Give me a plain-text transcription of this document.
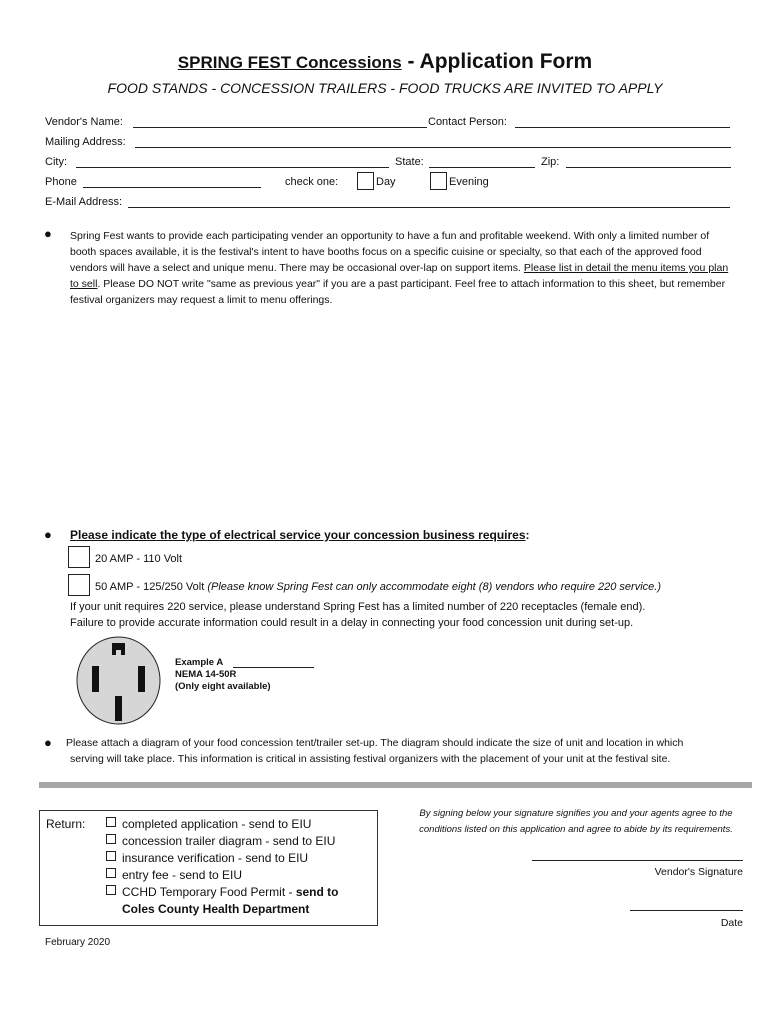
SPRING FEST Concessions - Application Form
FOOD STANDS - CONCESSION TRAILERS - FOOD TRUCKS ARE INVITED TO APPLY
Vendor's Name:	Contact Person:
Mailing Address:
City:	State:	Zip:
Phone	check one:	Day	Evening
E-Mail Address:
● Spring Fest wants to provide each participating vender an opportunity to have a fun and profitable weekend. With only a limited number of booth spaces available, it is the festival's intent to have booths focus on a specific cuisine or specialty, so that each of the approved food vendors will have a select and unique menu. There may be occasional over-lap on support items. Please list in detail the menu items you plan to sell. Please DO NOT write "same as previous year" if you are a past participant. Feel free to attach information to this sheet, but remember festival organizers may request a limit to menu offerings.
● Please indicate the type of electrical service your concession business requires:
20 AMP - 110 Volt
50 AMP - 125/250 Volt (Please know Spring Fest can only accommodate eight (8) vendors who require 220 service.)
If your unit requires 220 service, please understand Spring Fest has a limited number of 220 receptacles (female end).
Failure to provide accurate information could result in a delay in connecting your food concession unit during set-up.
Example A
NEMA 14-50R
(Only eight available)
● Please attach a diagram of your food concession tent/trailer set-up. The diagram should indicate the size of unit and location in which
serving will take place. This information is critical in assisting festival organizers with the placement of your unit at the festival site.
Return:	completed application - send to EIU
concession trailer diagram - send to EIU
insurance verification - send to EIU
entry fee - send to EIU
CCHD Temporary Food Permit - send to
Coles County Health Department
By signing below your signature signifies you and your agents agree to the
conditions listed on this application and agree to abide by its requirements.
Vendor's Signature
Date
February 2020
